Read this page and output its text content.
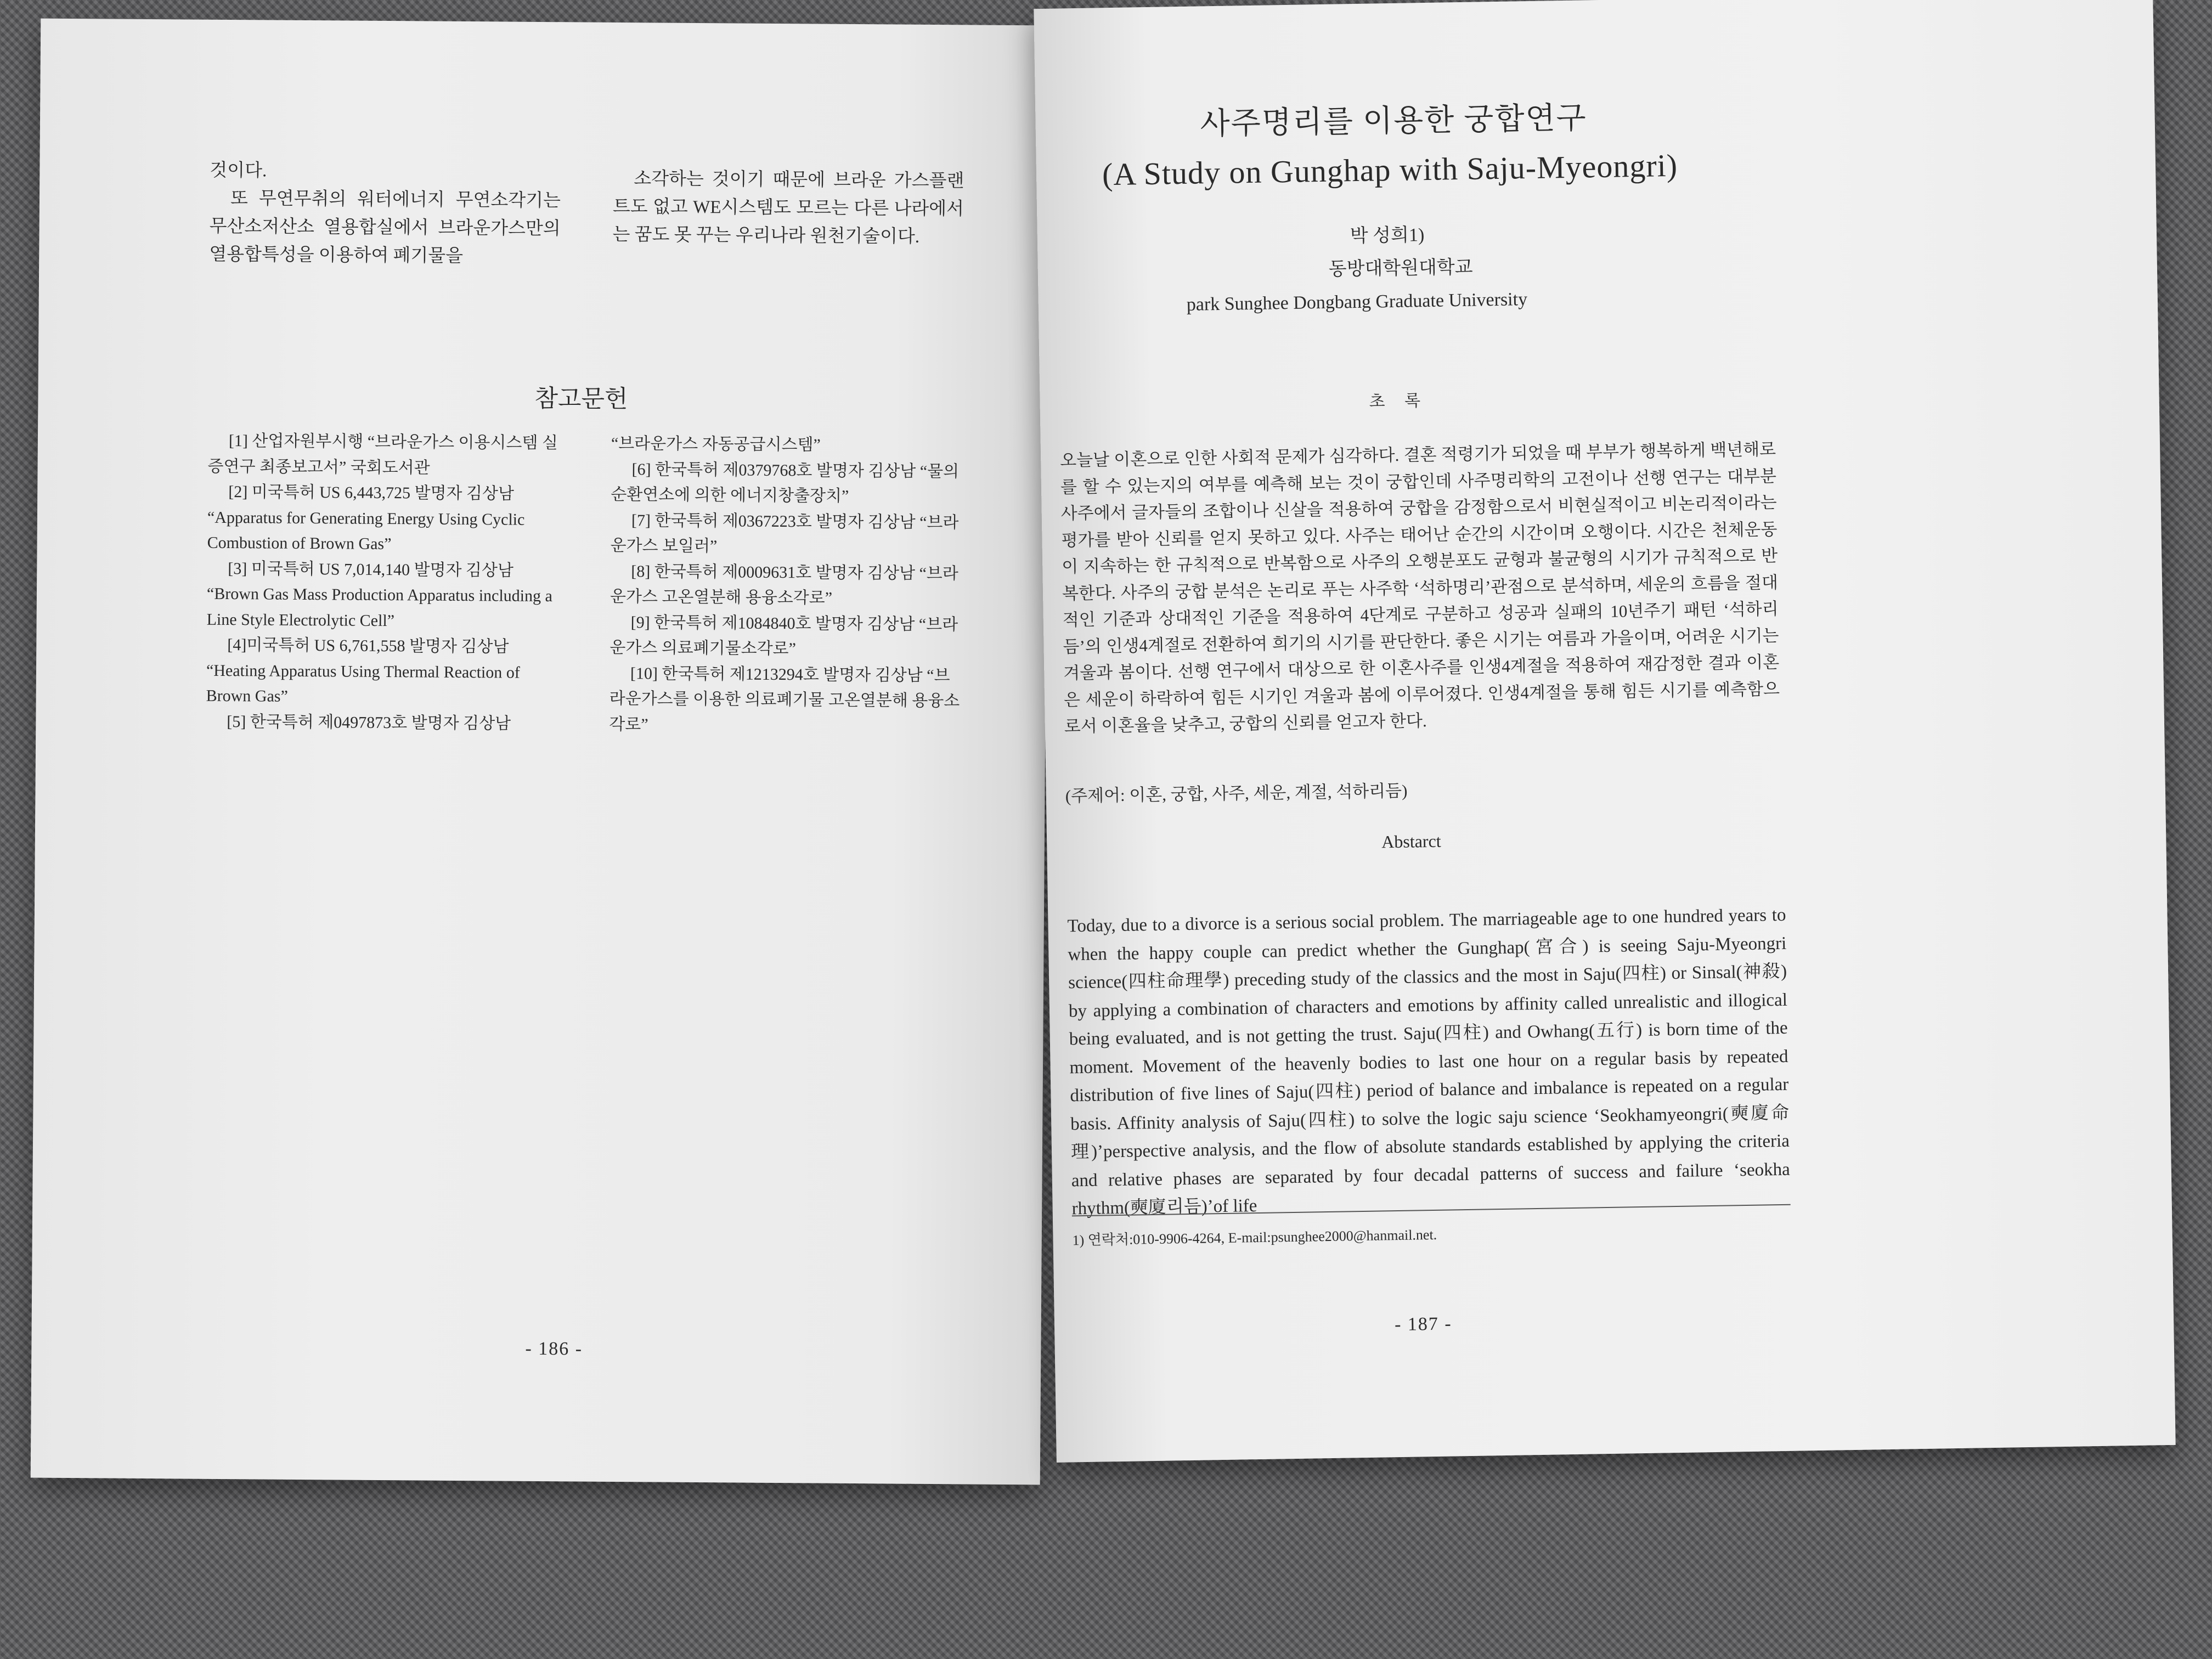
것이다.

또 무연무취의 워터에너지 무연소각기는 무산소저산소 열용합실에서 브라운가스만의 열용합특성을 이용하여 폐기물을

소각하는 것이기 때문에 브라운 가스플랜트도 없고 WE시스템도 모르는 다른 나라에서는 꿈도 못 꾸는 우리나라 원천기술이다.

참고문헌

[1] 산업자원부시행 “브라운가스 이용시스템 실증연구 최종보고서” 국회도서관

[2] 미국특허 US 6,443,725 발명자 김상남 “Apparatus for Generating Energy Using Cyclic Combustion of Brown Gas”

[3] 미국특허 US 7,014,140 발명자 김상남 “Brown Gas Mass Production Apparatus including a Line Style Electrolytic Cell”

[4]미국특허 US 6,761,558 발명자 김상남 “Heating Apparatus Using Thermal Reaction of Brown Gas”

[5] 한국특허 제0497873호 발명자 김상남

“브라운가스 자동공급시스템”

[6] 한국특허 제0379768호 발명자 김상남 “물의 순환연소에 의한 에너지창출장치”

[7] 한국특허 제0367223호 발명자 김상남 “브라운가스 보일러”

[8] 한국특허 제0009631호 발명자 김상남 “브라운가스 고온열분해 용융소각로”

[9] 한국특허 제1084840호 발명자 김상남 “브라운가스 의료폐기물소각로”

[10] 한국특허 제1213294호 발명자 김상남 “브라운가스를 이용한 의료폐기물 고온열분해 용융소각로”

- 186 -
사주명리를 이용한 궁합연구
(A Study on Gunghap with Saju-Myeongri)
박 성희1)
동방대학원대학교
park Sunghee Dongbang Graduate University
초 록

오늘날 이혼으로 인한 사회적 문제가 심각하다. 결혼 적령기가 되었을 때 부부가 행복하게 백년해로를 할 수 있는지의 여부를 예측해 보는 것이 궁합인데 사주명리학의 고전이나 선행 연구는 대부분 사주에서 글자들의 조합이나 신살을 적용하여 궁합을 감정함으로서 비현실적이고 비논리적이라는 평가를 받아 신뢰를 얻지 못하고 있다. 사주는 태어난 순간의 시간이며 오행이다. 시간은 천체운동이 지속하는 한 규칙적으로 반복함으로 사주의 오행분포도 균형과 불균형의 시기가 규칙적으로 반복한다. 사주의 궁합 분석은 논리로 푸는 사주학 ‘석하명리’관점으로 분석하며, 세운의 흐름을 절대적인 기준과 상대적인 기준을 적용하여 4단계로 구분하고 성공과 실패의 10년주기 패턴 ‘석하리듬’의 인생4계절로 전환하여 희기의 시기를 판단한다. 좋은 시기는 여름과 가을이며, 어려운 시기는 겨울과 봄이다. 선행 연구에서 대상으로 한 이혼사주를 인생4계절을 적용하여 재감정한 결과 이혼은 세운이 하락하여 힘든 시기인 겨울과 봄에 이루어졌다. 인생4계절을 통해 힘든 시기를 예측함으로서 이혼율을 낮추고, 궁합의 신뢰를 얻고자 한다.

(주제어: 이혼, 궁합, 사주, 세운, 계절, 석하리듬)
Abstarct

Today, due to a divorce is a serious social problem. The marriageable age to one hundred years to when the happy couple can predict whether the Gunghap(宮合) is seeing Saju-Myeongri science(四柱命理學) preceding study of the classics and the most in Saju(四柱) or Sinsal(神殺) by applying a combination of characters and emotions by affinity called unrealistic and illogical being evaluated, and is not getting the trust. Saju(四柱) and Owhang(五行) is born time of the moment. Movement of the heavenly bodies to last one hour on a regular basis by repeated distribution of five lines of Saju(四柱) period of balance and imbalance is repeated on a regular basis. Affinity analysis of Saju(四柱) to solve the logic saju science ‘Seokhamyeongri(奭廈命理)’perspective analysis, and the flow of absolute standards established by applying the criteria and relative phases are separated by four decadal patterns of success and failure ‘seokha rhythm(奭廈리듬)’of life

1) 연락처:010-9906-4264, E-mail:psunghee2000@hanmail.net.
- 187 -
